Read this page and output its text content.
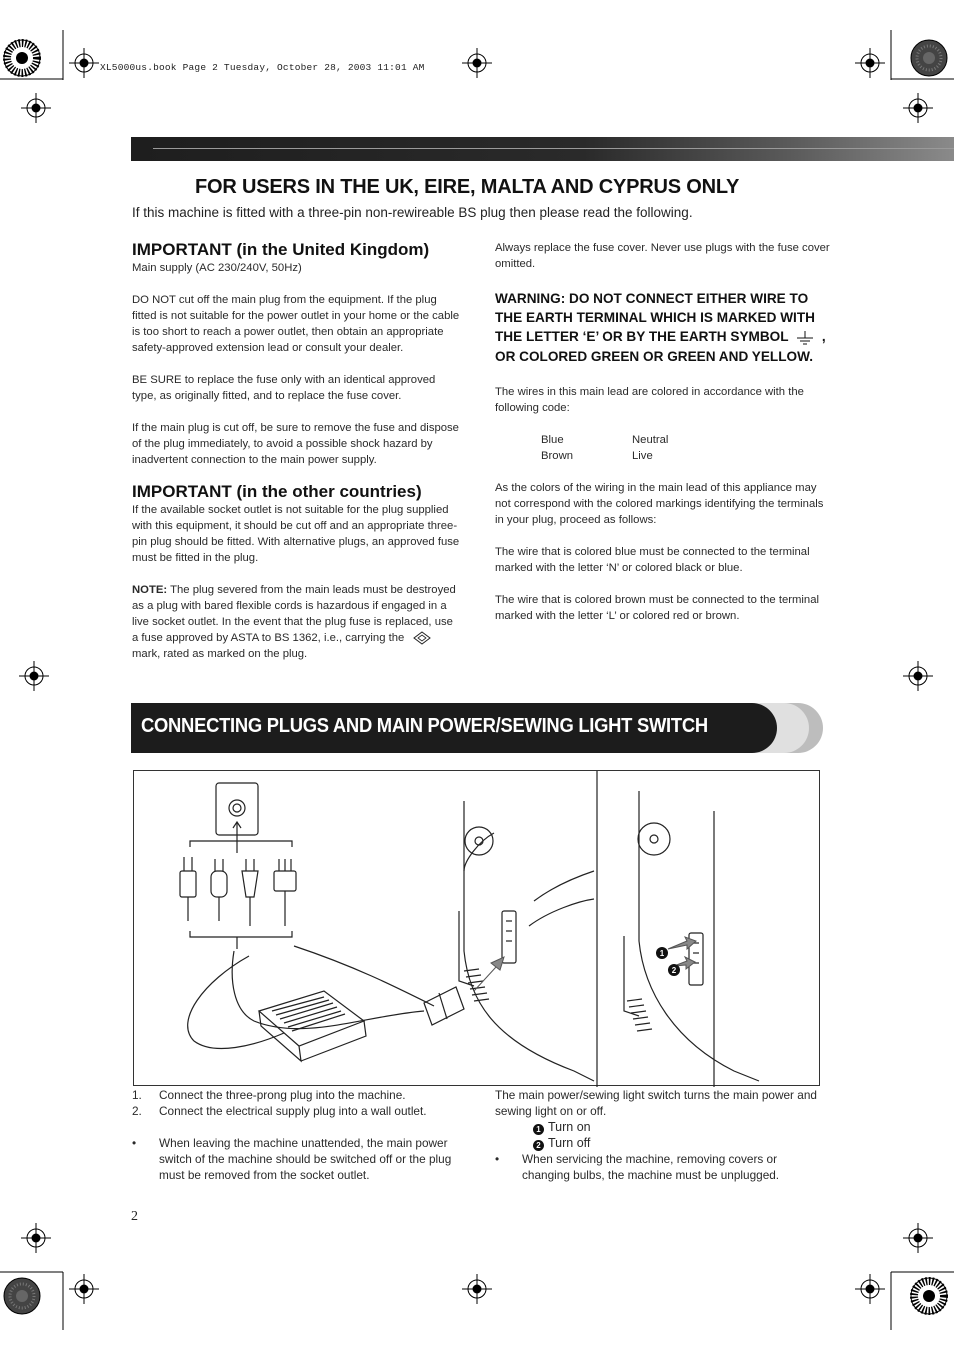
XL5000us.book Page 2 Tuesday, October 28, 2003 11:01 AM
FOR USERS IN THE UK, EIRE, MALTA AND CYPRUS ONLY
If this machine is fitted with a three-pin non-rewireable BS plug then please read the following.
IMPORTANT (in the United Kingdom)

Main supply (AC 230/240V, 50Hz)

DO NOT cut off the main plug from the equipment. If the plug fitted is not suitable for the power outlet in your home or the cable is too short to reach a power outlet, then obtain an appropriate safety-approved extension lead or consult your dealer.

BE SURE to replace the fuse only with an identical approved type, as originally fitted, and to replace the fuse cover.

If the main plug is cut off, be sure to remove the fuse and dispose of the plug immediately, to avoid a possible shock hazard by inadvertent connection to the main power supply.

IMPORTANT (in the other countries)

If the available socket outlet is not suitable for the plug supplied with this equipment, it should be cut off and an appropriate three-pin plug should be fitted. With alternative plugs, an approved fuse must be fitted in the plug.

NOTE: The plug severed from the main leads must be destroyed as a plug with bared flexible cords is hazardous if engaged in a live socket outlet. In the event that the plug fuse is replaced, use a fuse approved by ASTA to BS 1362, i.e., carrying the  mark, rated as marked on the plug.

Always replace the fuse cover. Never use plugs with the fuse cover omitted.

WARNING: DO NOT CONNECT EITHER WIRE TO THE EARTH TERMINAL WHICH IS MARKED WITH THE LETTER ‘E’ OR BY THE EARTH SYMBOL  , OR COLORED GREEN OR GREEN AND YELLOW.

The wires in this main lead are colored in accordance with the following code:

Blue	Neutral
Brown	Live

As the colors of the wiring in the main lead of this appliance may not correspond with the colored markings identifying the terminals in your plug, proceed as follows:

The wire that is colored blue must be connected to the terminal marked with the letter ‘N’ or colored black or blue.

The wire that is colored brown must be connected to the terminal marked with the letter ‘L’ or colored red or brown.

CONNECTING PLUGS AND MAIN POWER/SEWING LIGHT SWITCH
1
2
1.	Connect the three-prong plug into the machine.
2.	Connect the electrical supply plug into a wall outlet.
•	When leaving the machine unattended, the main power switch of the machine should be switched off or the plug must be removed from the socket outlet.

The main power/sewing light switch turns the main power and sewing light on or off.

1 Turn on
2 Turn off
•	When servicing the machine, removing covers or changing bulbs, the machine must be unplugged.
2
